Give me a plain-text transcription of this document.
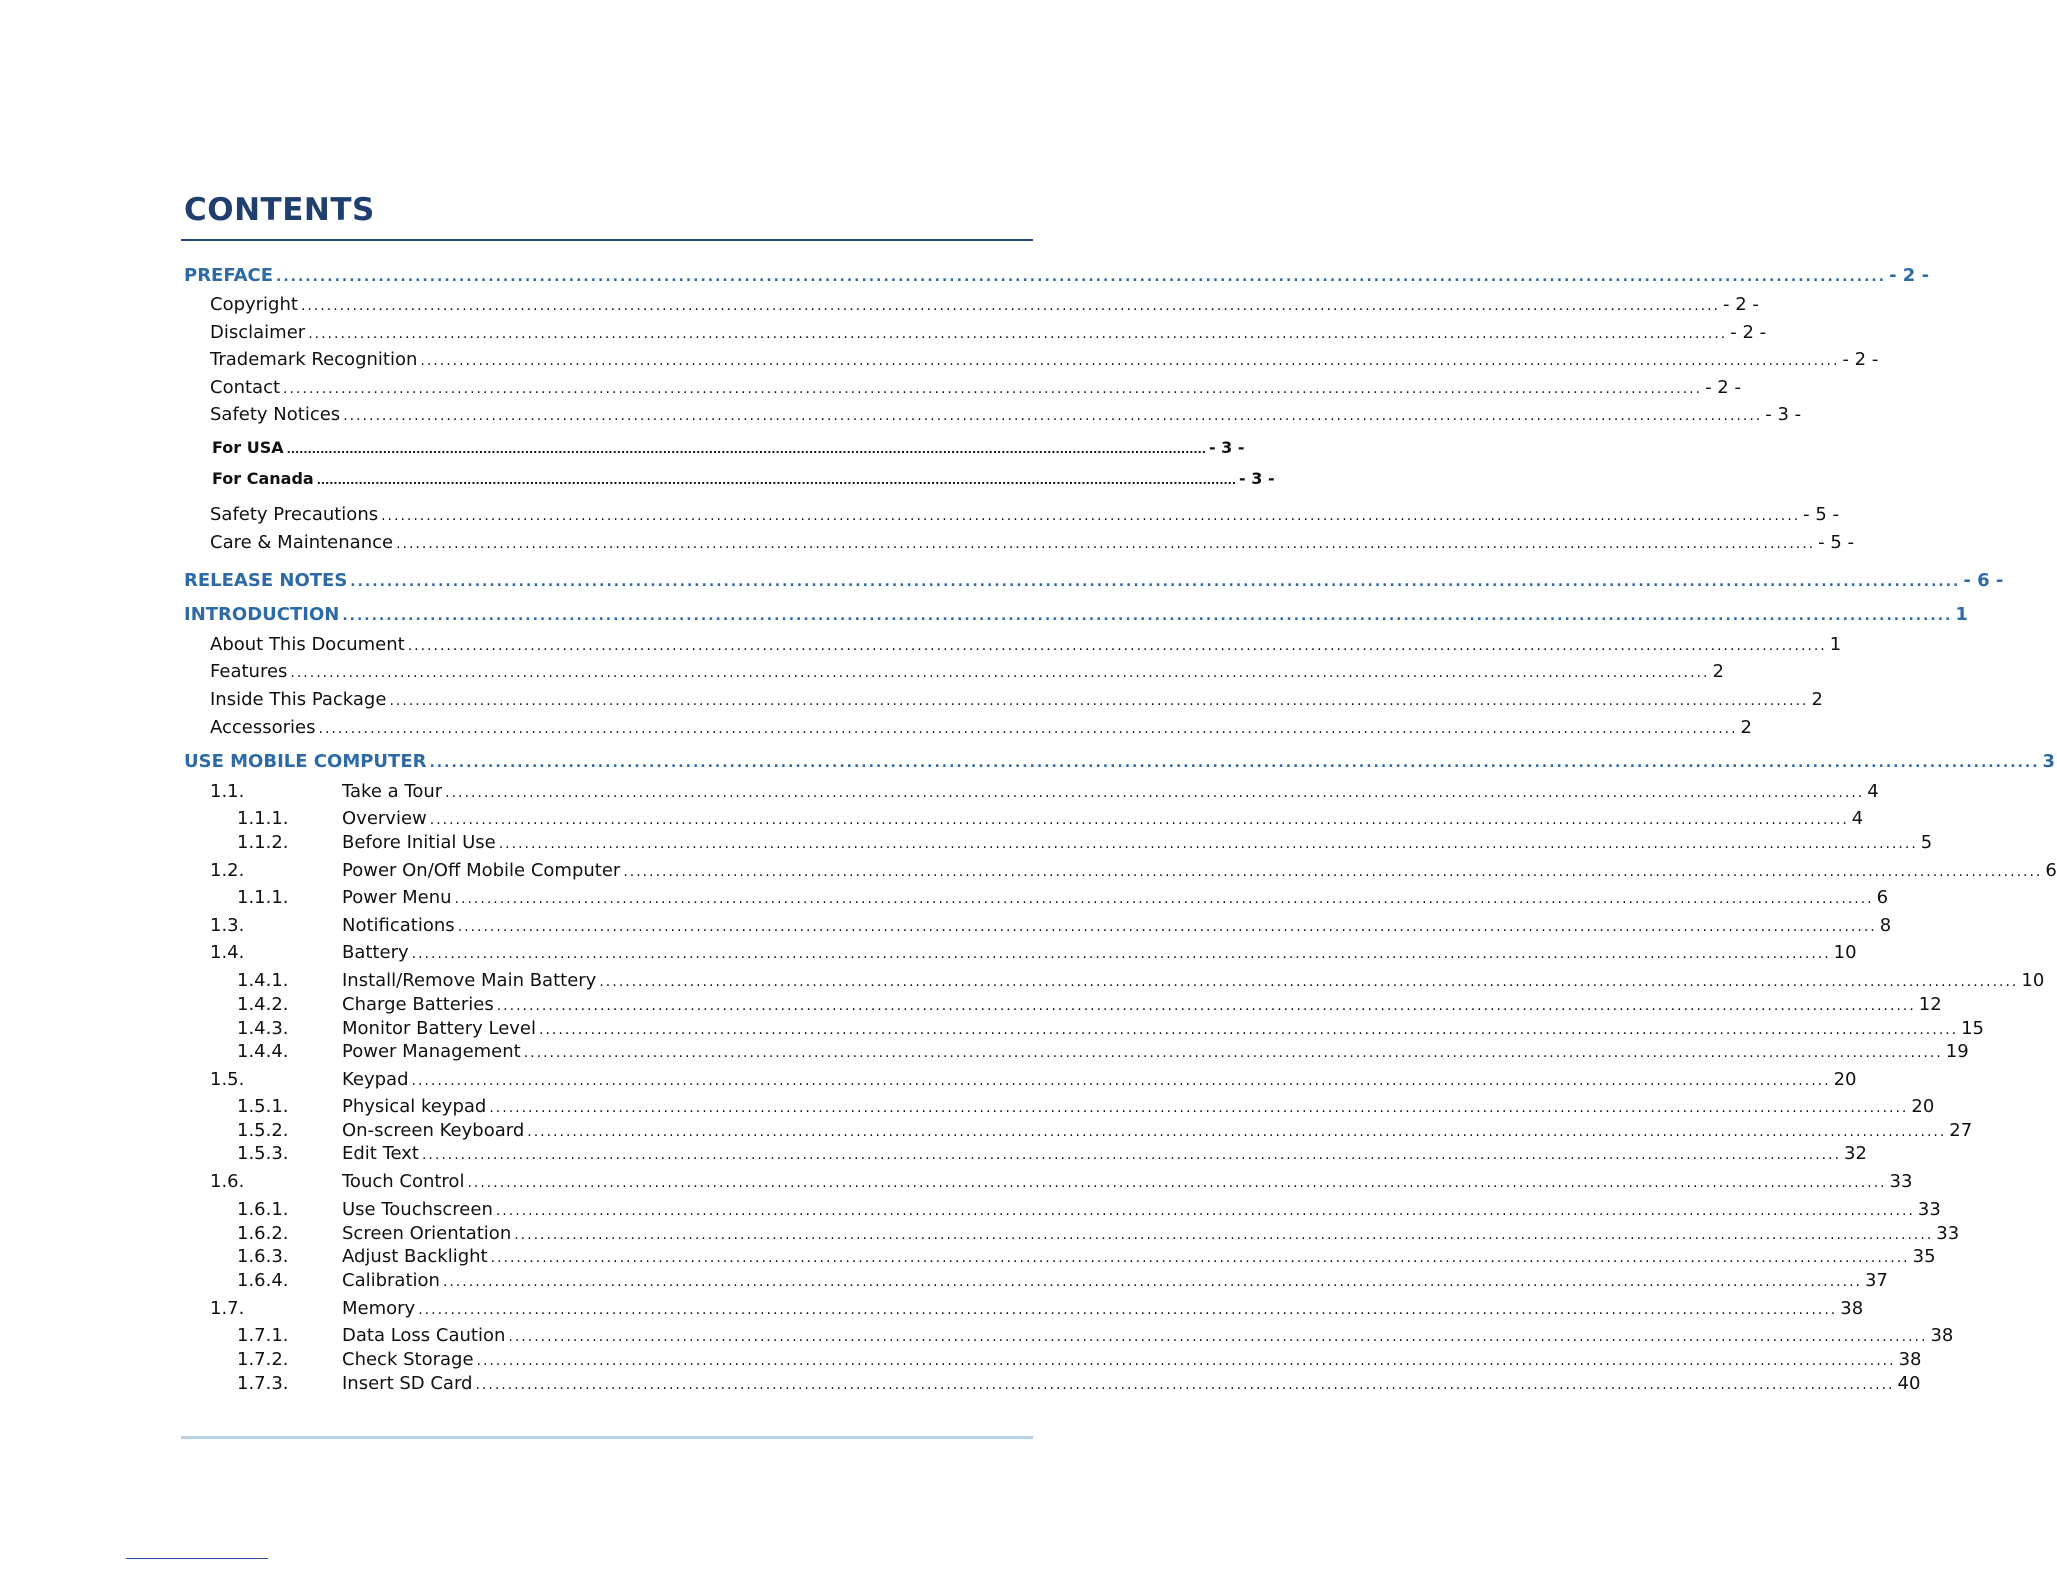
CONTENTS
PREFACE ............................................................................................................................................................................................................................ - 2 -
Copyright ............................................................................................................................................................................................................................ - 2 -
Disclaimer ............................................................................................................................................................................................................................ - 2 -
Trademark Recognition ............................................................................................................................................................................................................................ - 2 -
Contact ............................................................................................................................................................................................................................ - 2 -
Safety Notices ............................................................................................................................................................................................................................ - 3 -
For USA ............................................................................................................................................................................................................................ - 3 -
For Canada ............................................................................................................................................................................................................................ - 3 -
Safety Precautions ............................................................................................................................................................................................................................ - 5 -
Care & Maintenance ............................................................................................................................................................................................................................ - 5 -
RELEASE NOTES ............................................................................................................................................................................................................................ - 6 -
INTRODUCTION ............................................................................................................................................................................................................................ 1
About This Document ............................................................................................................................................................................................................................ 1
Features ............................................................................................................................................................................................................................ 2
Inside This Package ............................................................................................................................................................................................................................ 2
Accessories ............................................................................................................................................................................................................................ 2
USE MOBILE COMPUTER ............................................................................................................................................................................................................................ 3
1.1.	Take a Tour ............................................................................................................................................................................................................................ 4
1.1.1.	Overview ............................................................................................................................................................................................................................ 4
1.1.2.	Before Initial Use ............................................................................................................................................................................................................................ 5
1.2.	Power On/Off Mobile Computer ............................................................................................................................................................................................................................ 6
1.1.1.	Power Menu ............................................................................................................................................................................................................................ 6
1.3.	Notifications ............................................................................................................................................................................................................................ 8
1.4.	Battery ............................................................................................................................................................................................................................ 10
1.4.1.	Install/Remove Main Battery ............................................................................................................................................................................................................................ 10
1.4.2.	Charge Batteries ............................................................................................................................................................................................................................ 12
1.4.3.	Monitor Battery Level ............................................................................................................................................................................................................................ 15
1.4.4.	Power Management ............................................................................................................................................................................................................................ 19
1.5.	Keypad ............................................................................................................................................................................................................................ 20
1.5.1.	Physical keypad ............................................................................................................................................................................................................................ 20
1.5.2.	On-screen Keyboard ............................................................................................................................................................................................................................ 27
1.5.3.	Edit Text ............................................................................................................................................................................................................................ 32
1.6.	Touch Control ............................................................................................................................................................................................................................ 33
1.6.1.	Use Touchscreen ............................................................................................................................................................................................................................ 33
1.6.2.	Screen Orientation ............................................................................................................................................................................................................................ 33
1.6.3.	Adjust Backlight ............................................................................................................................................................................................................................ 35
1.6.4.	Calibration ............................................................................................................................................................................................................................ 37
1.7.	Memory ............................................................................................................................................................................................................................ 38
1.7.1.	Data Loss Caution ............................................................................................................................................................................................................................ 38
1.7.2.	Check Storage ............................................................................................................................................................................................................................ 38
1.7.3.	Insert SD Card ............................................................................................................................................................................................................................ 40
